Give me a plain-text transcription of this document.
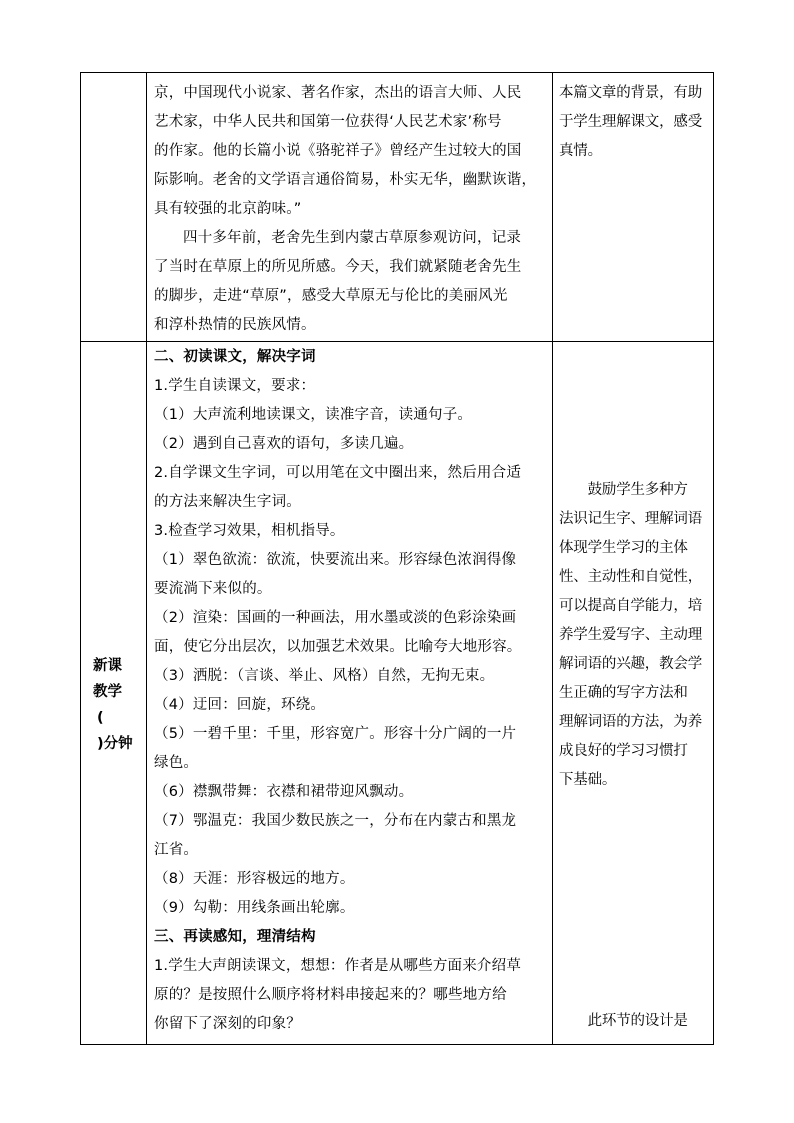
京，中国现代小说家、著名作家，杰出的语言大师、人民
艺术家，中华人民共和国第一位获得‘人民艺术家’称号
的作家。他的长篇小说《骆驼祥子》曾经产生过较大的国
际影响。老舍的文学语言通俗简易，朴实无华，幽默诙谐，
具有较强的北京韵味。”
四十多年前，老舍先生到内蒙古草原参观访问，记录
了当时在草原上的所见所感。今天，我们就紧随老舍先生
的脚步，走进“草原”，感受大草原无与伦比的美丽风光
和淳朴热情的民族风情。
本篇文章的背景，有助
于学生理解课文，感受
真情。
新课
教学
(
)分钟
二、初读课文，解决字词
1.学生自读课文，要求：
（1）大声流利地读课文，读准字音，读通句子。
（2）遇到自己喜欢的语句，多读几遍。
2.自学课文生字词，可以用笔在文中圈出来，然后用合适
的方法来解决生字词。
3.检查学习效果，相机指导。
（1）翠色欲流：欲流，快要流出来。形容绿色浓润得像
要流淌下来似的。
（2）渲染：国画的一种画法，用水墨或淡的色彩涂染画
面，使它分出层次，以加强艺术效果。比喻夸大地形容。
（3）洒脱：（言谈、举止、风格）自然，无拘无束。
（4）迂回：回旋，环绕。
（5）一碧千里：千里，形容宽广。形容十分广阔的一片
绿色。
（6）襟飘带舞：衣襟和裙带迎风飘动。
（7）鄂温克：我国少数民族之一，分布在内蒙古和黑龙
江省。
（8）天涯：形容极远的地方。
（9）勾勒：用线条画出轮廓。
三、再读感知，理清结构
1.学生大声朗读课文，想想：作者是从哪些方面来介绍草
原的？是按照什么顺序将材料串接起来的？哪些地方给
你留下了深刻的印象？
　　鼓励学生多种方
法识记生字、理解词语
体现学生学习的主体
性、主动性和自觉性，
可以提高自学能力，培
养学生爱写字、主动理
解词语的兴趣，教会学
生正确的写字方法和
理解词语的方法，为养
成良好的学习习惯打
下基础。
　　此环节的设计是
